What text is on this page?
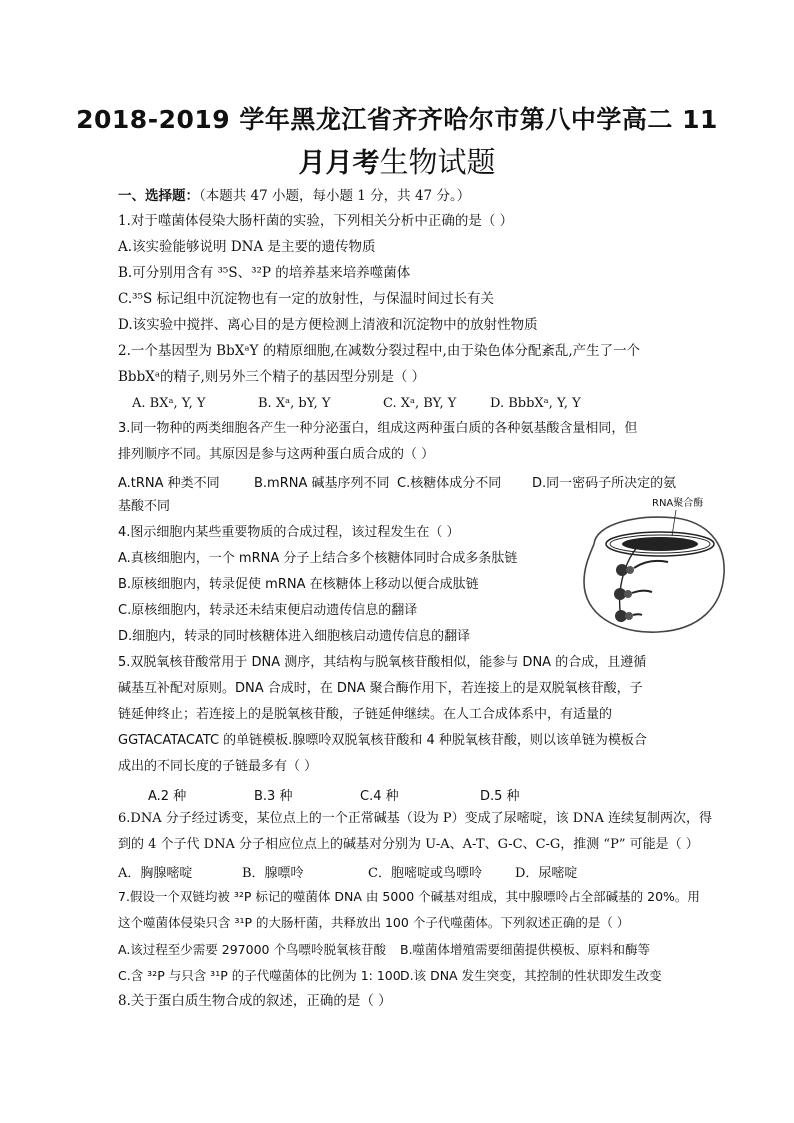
2018-2019 学年黑龙江省齐齐哈尔市第八中学高二 11
月月考生物试题
一、选择题：（本题共 47 小题，每小题 1 分，共 47 分。）
1.对于噬菌体侵染大肠杆菌的实验，下列相关分析中正确的是（ ）
A.该实验能够说明 DNA 是主要的遗传物质
B.可分别用含有 ³⁵S、³²P 的培养基来培养噬菌体
C.³⁵S 标记组中沉淀物也有一定的放射性，与保温时间过长有关
D.该实验中搅拌、离心目的是方便检测上清液和沉淀物中的放射性物质
2.一个基因型为 BbXᵃY 的精原细胞,在减数分裂过程中,由于染色体分配紊乱,产生了一个
BbbXᵃ的精子,则另外三个精子的基因型分别是（ ）
A. BXᵃ, Y, Y	B. Xᵃ, bY, Y	C. Xᵃ, BY, Y	D. BbbXᵃ, Y, Y
3.同一物种的两类细胞各产生一种分泌蛋白，组成这两种蛋白质的各种氨基酸含量相同，但
排列顺序不同。其原因是参与这两种蛋白质合成的（ ）
A.tRNA 种类不同	B.mRNA 碱基序列不同 C.核糖体成分不同 D.同一密码子所决定的氨
基酸不同
4.图示细胞内某些重要物质的合成过程，该过程发生在（ ）
A.真核细胞内，一个 mRNA 分子上结合多个核糖体同时合成多条肽链
B.原核细胞内，转录促使 mRNA 在核糖体上移动以便合成肽链
C.原核细胞内，转录还未结束便启动遗传信息的翻译
D.细胞内，转录的同时核糖体进入细胞核启动遗传信息的翻译
RNA聚合酶
5.双脱氧核苷酸常用于 DNA 测序，其结构与脱氧核苷酸相似，能参与 DNA 的合成，且遵循
碱基互补配对原则。DNA 合成时，在 DNA 聚合酶作用下，若连接上的是双脱氧核苷酸，子
链延伸终止；若连接上的是脱氧核苷酸，子链延伸继续。在人工合成体系中，有适量的
GGTACATACATC 的单链模板.腺嘌呤双脱氧核苷酸和 4 种脱氧核苷酸，则以该单链为模板合
成出的不同长度的子链最多有（ ）
A.2 种	B.3 种	C.4 种	D.5 种
6.DNA 分子经过诱变，某位点上的一个正常碱基（设为 P）变成了尿嘧啶，该 DNA 连续复制两次，得
到的 4 个子代 DNA 分子相应位点上的碱基对分别为 U-A、A-T、G-C、C-G，推测 “P” 可能是（ ）
A．胸腺嘧啶	B．腺嘌呤	C．胞嘧啶或鸟嘌呤	D．尿嘧啶
7.假设一个双链均被 ³²P 标记的噬菌体 DNA 由 5000 个碱基对组成，其中腺嘌呤占全部碱基的 20%。用
这个噬菌体侵染只含 ³¹P 的大肠杆菌，共释放出 100 个子代噬菌体。下列叙述正确的是（ ）
A.该过程至少需要 297000 个鸟嘌呤脱氧核苷酸 B.噬菌体增殖需要细菌提供模板、原料和酶等
C.含 ³²P 与只含 ³¹P 的子代噬菌体的比例为 1: 100 D.该 DNA 发生突变，其控制的性状即发生改变
8.关于蛋白质生物合成的叙述，正确的是（ ）
